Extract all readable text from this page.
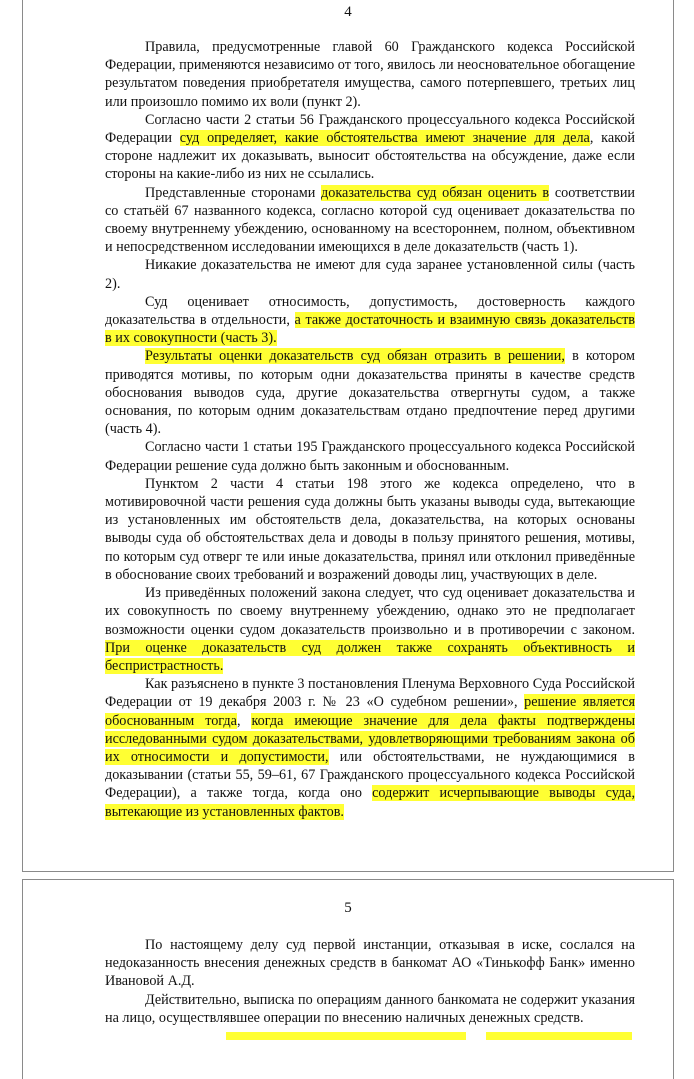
4

Правила, предусмотренные главой 60 Гражданского кодекса Российской Федерации, применяются независимо от того, явилось ли неосновательное обогащение результатом поведения приобретателя имущества, самого потерпевшего, третьих лиц или произошло помимо их воли (пункт 2).

Согласно части 2 статьи 56 Гражданского процессуального кодекса Российской Федерации суд определяет, какие обстоятельства имеют значение для дела, какой стороне надлежит их доказывать, выносит обстоятельства на обсуждение, даже если стороны на какие-либо из них не ссылались.

Представленные сторонами доказательства суд обязан оценить в соответствии со статьёй 67 названного кодекса, согласно которой суд оценивает доказательства по своему внутреннему убеждению, основанному на всестороннем, полном, объективном и непосредственном исследовании имеющихся в деле доказательств (часть 1).

Никакие доказательства не имеют для суда заранее установленной силы (часть 2).

Суд оценивает относимость, допустимость, достоверность каждого доказательства в отдельности, а также достаточность и взаимную связь доказательств в их совокупности (часть 3).

Результаты оценки доказательств суд обязан отразить в решении, в котором приводятся мотивы, по которым одни доказательства приняты в качестве средств обоснования выводов суда, другие доказательства отвергнуты судом, а также основания, по которым одним доказательствам отдано предпочтение перед другими (часть 4).

Согласно части 1 статьи 195 Гражданского процессуального кодекса Российской Федерации решение суда должно быть законным и обоснованным.

Пунктом 2 части 4 статьи 198 этого же кодекса определено, что в мотивировочной части решения суда должны быть указаны выводы суда, вытекающие из установленных им обстоятельств дела, доказательства, на которых основаны выводы суда об обстоятельствах дела и доводы в пользу принятого решения, мотивы, по которым суд отверг те или иные доказательства, принял или отклонил приведённые в обоснование своих требований и возражений доводы лиц, участвующих в деле.

Из приведённых положений закона следует, что суд оценивает доказательства и их совокупность по своему внутреннему убеждению, однако это не предполагает возможности оценки судом доказательств произвольно и в противоречии с законом. При оценке доказательств суд должен также сохранять объективность и беспристрастность.

Как разъяснено в пункте 3 постановления Пленума Верховного Суда Российской Федерации от 19 декабря 2003 г. № 23 «О судебном решении», решение является обоснованным тогда, когда имеющие значение для дела факты подтверждены исследованными судом доказательствами, удовлетворяющими требованиям закона об их относимости и допустимости, или обстоятельствами, не нуждающимися в доказывании (статьи 55, 59–61, 67 Гражданского процессуального кодекса Российской Федерации), а также тогда, когда оно содержит исчерпывающие выводы суда, вытекающие из установленных фактов.

5

По настоящему делу суд первой инстанции, отказывая в иске, сослался на недоказанность внесения денежных средств в банкомат АО «Тинькофф Банк» именно Ивановой А.Д.

Действительно, выписка по операциям данного банкомата не содержит указания на лицо, осуществлявшее операции по внесению наличных денежных средств.
